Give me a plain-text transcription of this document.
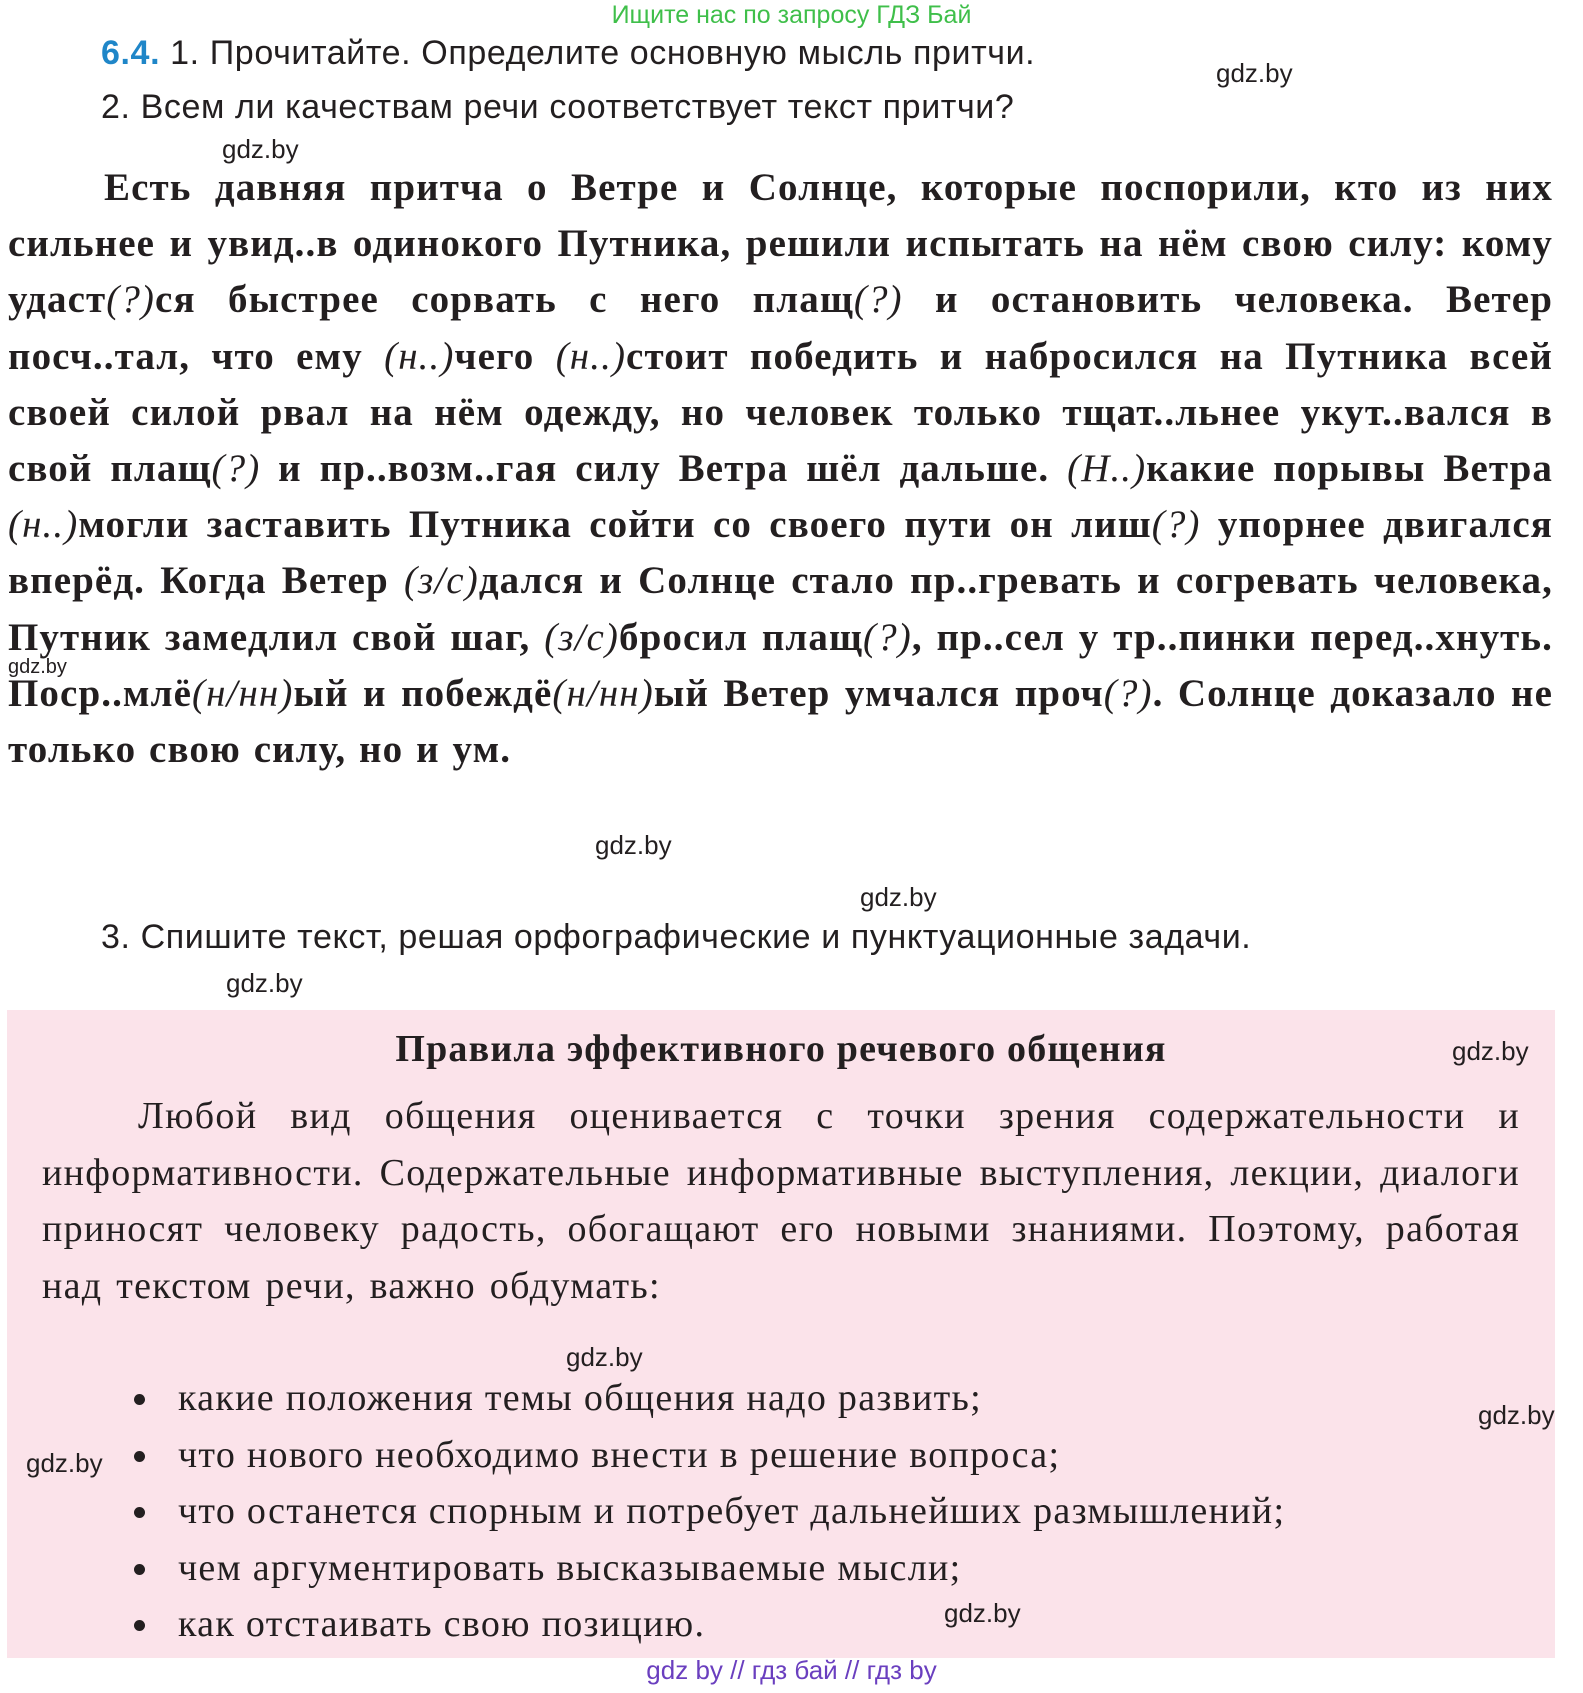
Ищите нас по запросу ГДЗ Бай
6.4. 1. Прочитайте. Определите основную мысль притчи.
2. Всем ли качествам речи соответствует текст притчи?
gdz.by
gdz.by

Есть давняя притча о Ветре и Солнце, которые поспорили, кто из них сильнее и увид..в одинокого Путника, решили испытать на нём свою силу: кому удаст(?)ся быстрее сорвать с него плащ(?) и остановить человека. Ветер посч..тал, что ему (н..)чего (н..)стоит победить и набросился на Путника всей своей силой рвал на нём одежду, но человек только тщат..льнее укут..вался в свой плащ(?) и пр..возм..гая силу Ветра шёл дальше. (Н..)какие порывы Ветра (н..)могли заставить Путника сойти со своего пути он лиш(?) упорнее двигался вперёд. Когда Ветер (з/с)дался и Солнце стало пр..гревать и согревать человека, Путник замедлил свой шаг, (з/с)бросил плащ(?), пр..сел у тр..пинки перед..хнуть. Поср..млё(н/нн)ый и побеждё(н/нн)ый Ветер умчался проч(?). Солнце доказало не только свою силу, но и ум.

gdz.by
gdz.by
gdz.by
3. Спишите текст, решая орфографические и пунктуационные задачи.
gdz.by
Правила эффективного речевого общения	gdz.by

Любой вид общения оценивается с точки зрения содержательности и информативности. Содержательные информативные выступления, лекции, диалоги приносят человеку радость, обогащают его новыми знаниями. Поэтому, работая над текстом речи, важно обдумать:

gdz.by
какие положения темы общения надо развить;
что нового необходимо внести в решение вопроса;
что останется спорным и потребует дальнейших размышлений;
чем аргументировать высказываемые мысли;
как отстаивать свою позицию.
gdz.by
gdz.by
gdz.by
gdz by // гдз бай // гдз by
